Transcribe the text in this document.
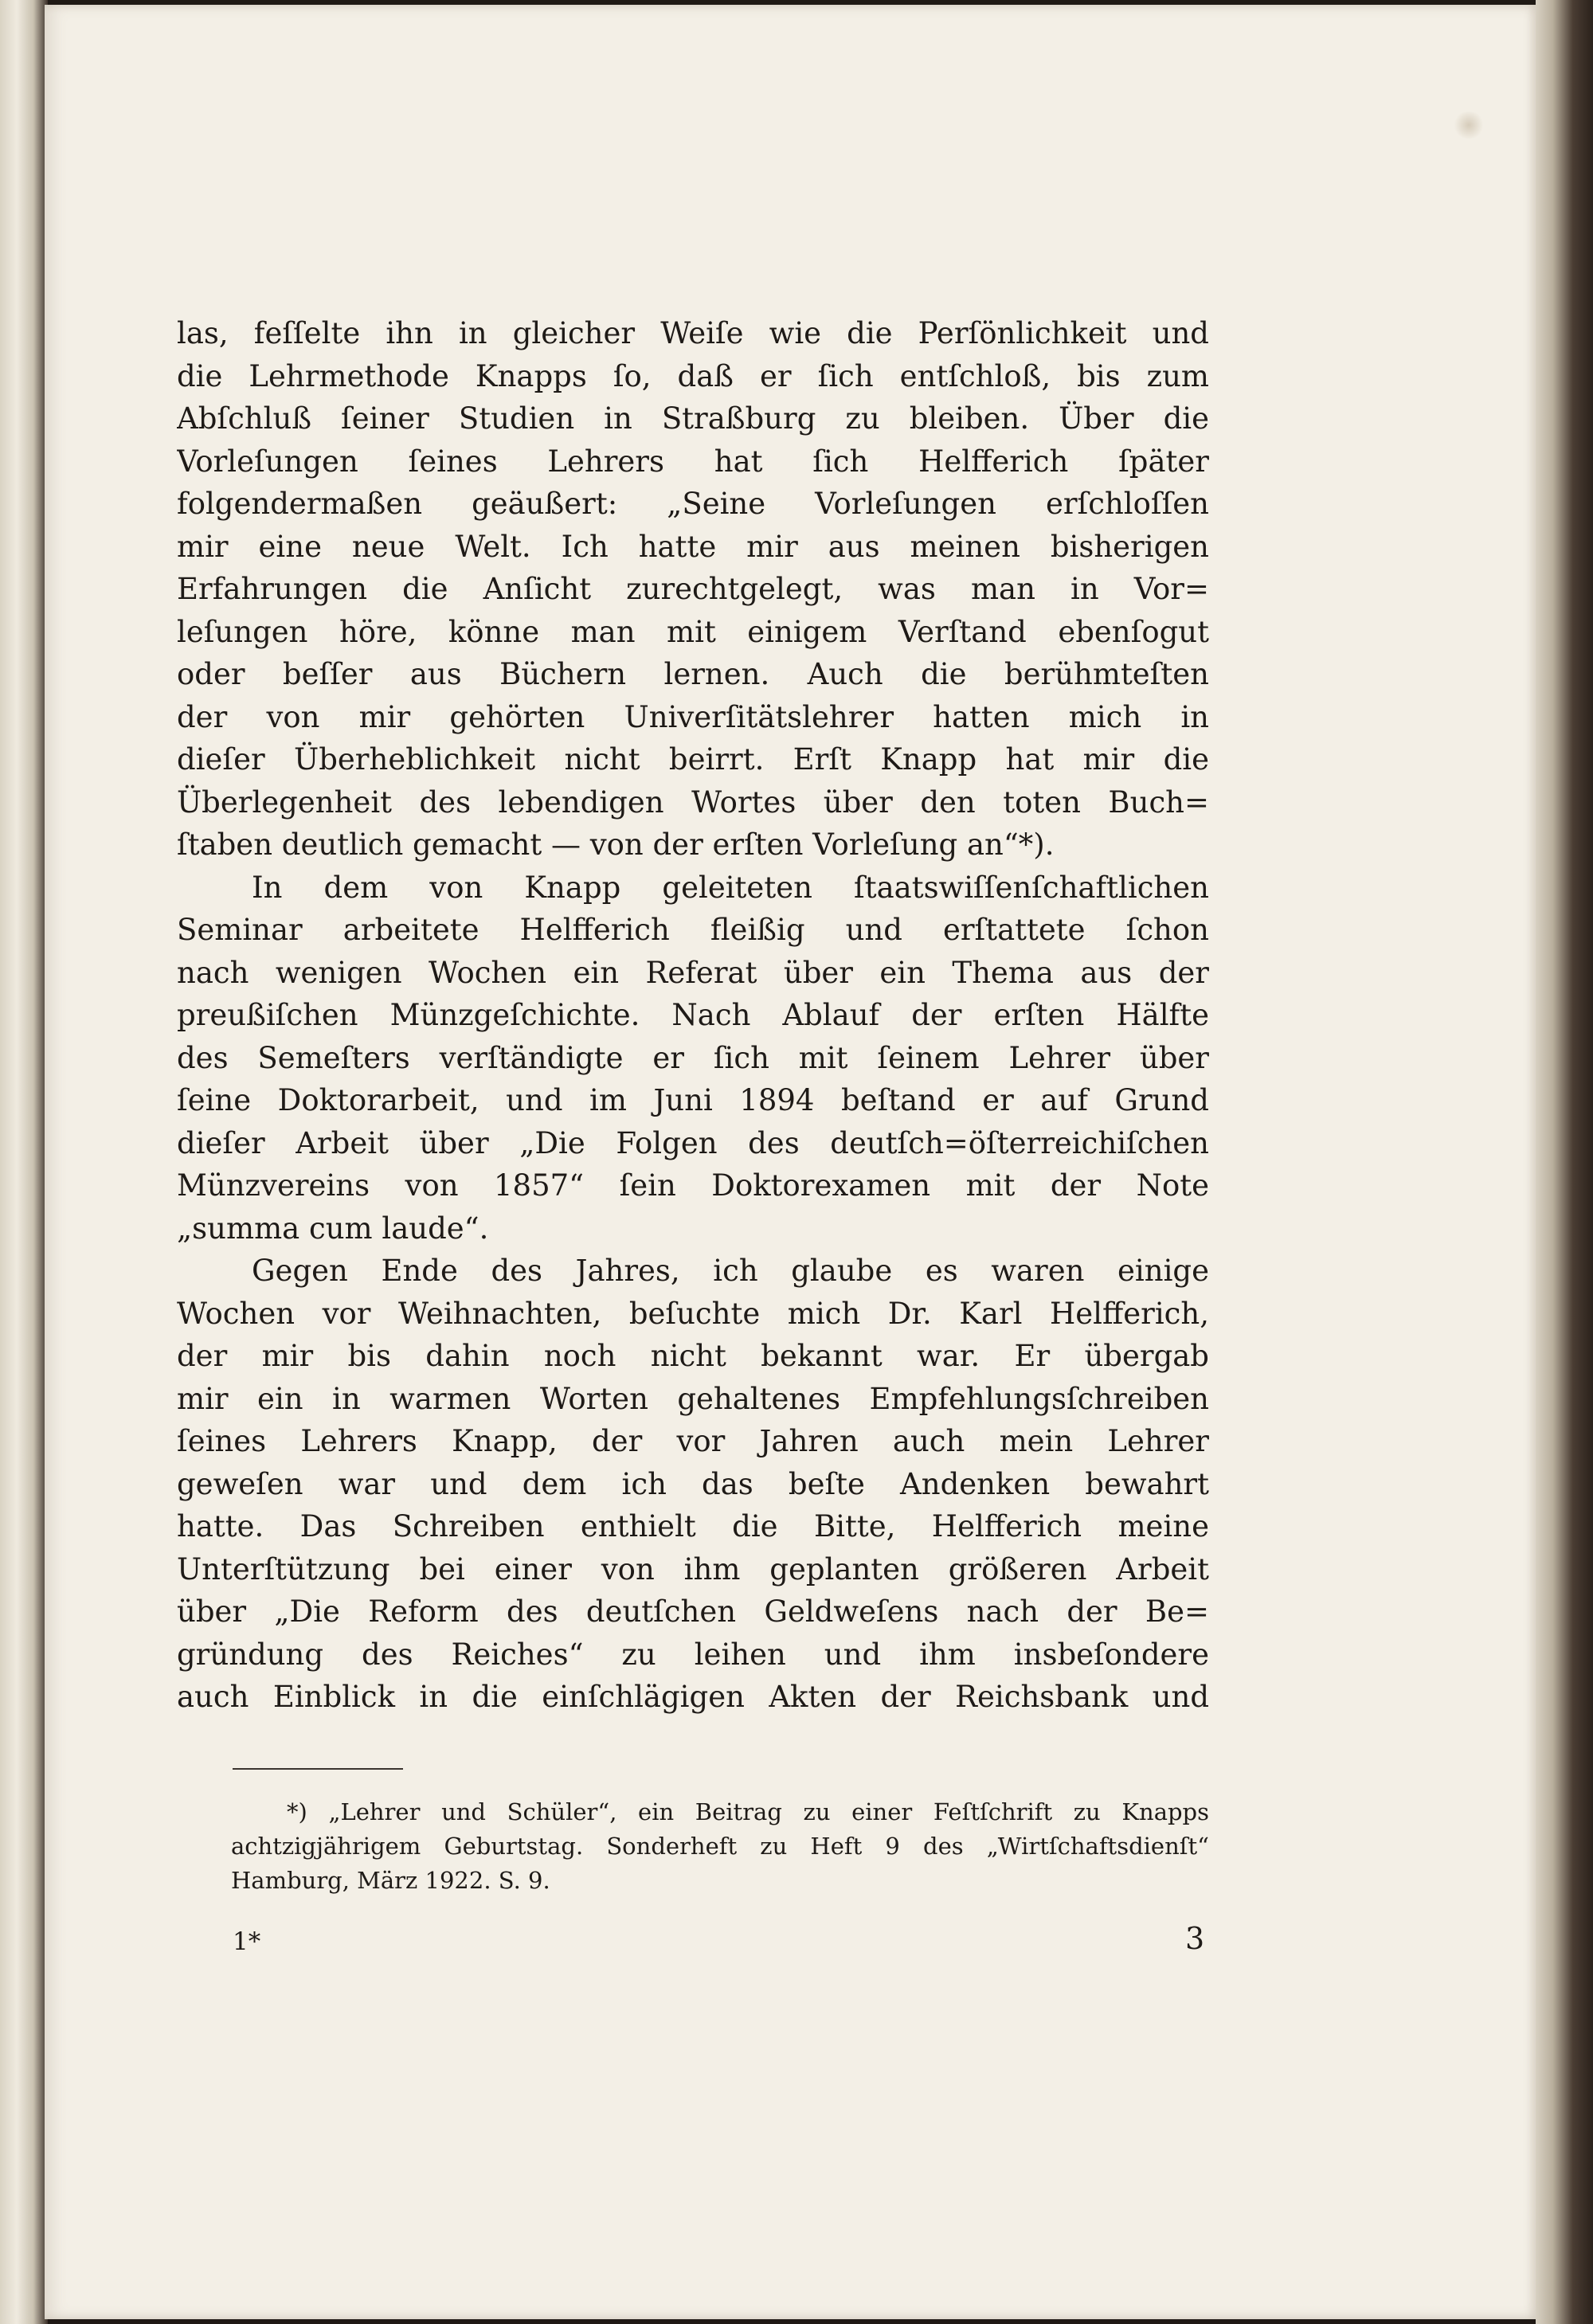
las, feſſelte ihn in gleicher Weiſe wie die Perſönlichkeit und
die Lehrmethode Knapps ſo, daß er ſich entſchloß, bis zum
Abſchluß ſeiner Studien in Straßburg zu bleiben. Über die
Vorleſungen ſeines Lehrers hat ſich Helfferich ſpäter
folgendermaßen geäußert: „Seine Vorleſungen erſchloſſen
mir eine neue Welt. Ich hatte mir aus meinen bisherigen
Erfahrungen die Anſicht zurechtgelegt, was man in Vor=
leſungen höre, könne man mit einigem Verſtand ebenſogut
oder beſſer aus Büchern lernen. Auch die berühmteſten
der von mir gehörten Univerſitätslehrer hatten mich in
dieſer Überheblichkeit nicht beirrt. Erſt Knapp hat mir die
Überlegenheit des lebendigen Wortes über den toten Buch=
ſtaben deutlich gemacht — von der erſten Vorleſung an“*).
In dem von Knapp geleiteten ſtaatswiſſenſchaftlichen
Seminar arbeitete Helfferich fleißig und erſtattete ſchon
nach wenigen Wochen ein Referat über ein Thema aus der
preußiſchen Münzgeſchichte. Nach Ablauf der erſten Hälfte
des Semeſters verſtändigte er ſich mit ſeinem Lehrer über
ſeine Doktorarbeit, und im Juni 1894 beſtand er auf Grund
dieſer Arbeit über „Die Folgen des deutſch=öſterreichiſchen
Münzvereins von 1857“ ſein Doktorexamen mit der Note
„summa cum laude“.
Gegen Ende des Jahres, ich glaube es waren einige
Wochen vor Weihnachten, beſuchte mich Dr. Karl Helfferich,
der mir bis dahin noch nicht bekannt war. Er übergab
mir ein in warmen Worten gehaltenes Empfehlungsſchreiben
ſeines Lehrers Knapp, der vor Jahren auch mein Lehrer
geweſen war und dem ich das beſte Andenken bewahrt
hatte. Das Schreiben enthielt die Bitte, Helfferich meine
Unterſtützung bei einer von ihm geplanten größeren Arbeit
über „Die Reform des deutſchen Geldweſens nach der Be=
gründung des Reiches“ zu leihen und ihm insbeſondere
auch Einblick in die einſchlägigen Akten der Reichsbank und
*) „Lehrer und Schüler“, ein Beitrag zu einer Feſtſchrift zu Knapps
achtzigjährigem Geburtstag. Sonderheft zu Heft 9 des „Wirtſchaftsdienſt“
Hamburg, März 1922. S. 9.
1*	3
